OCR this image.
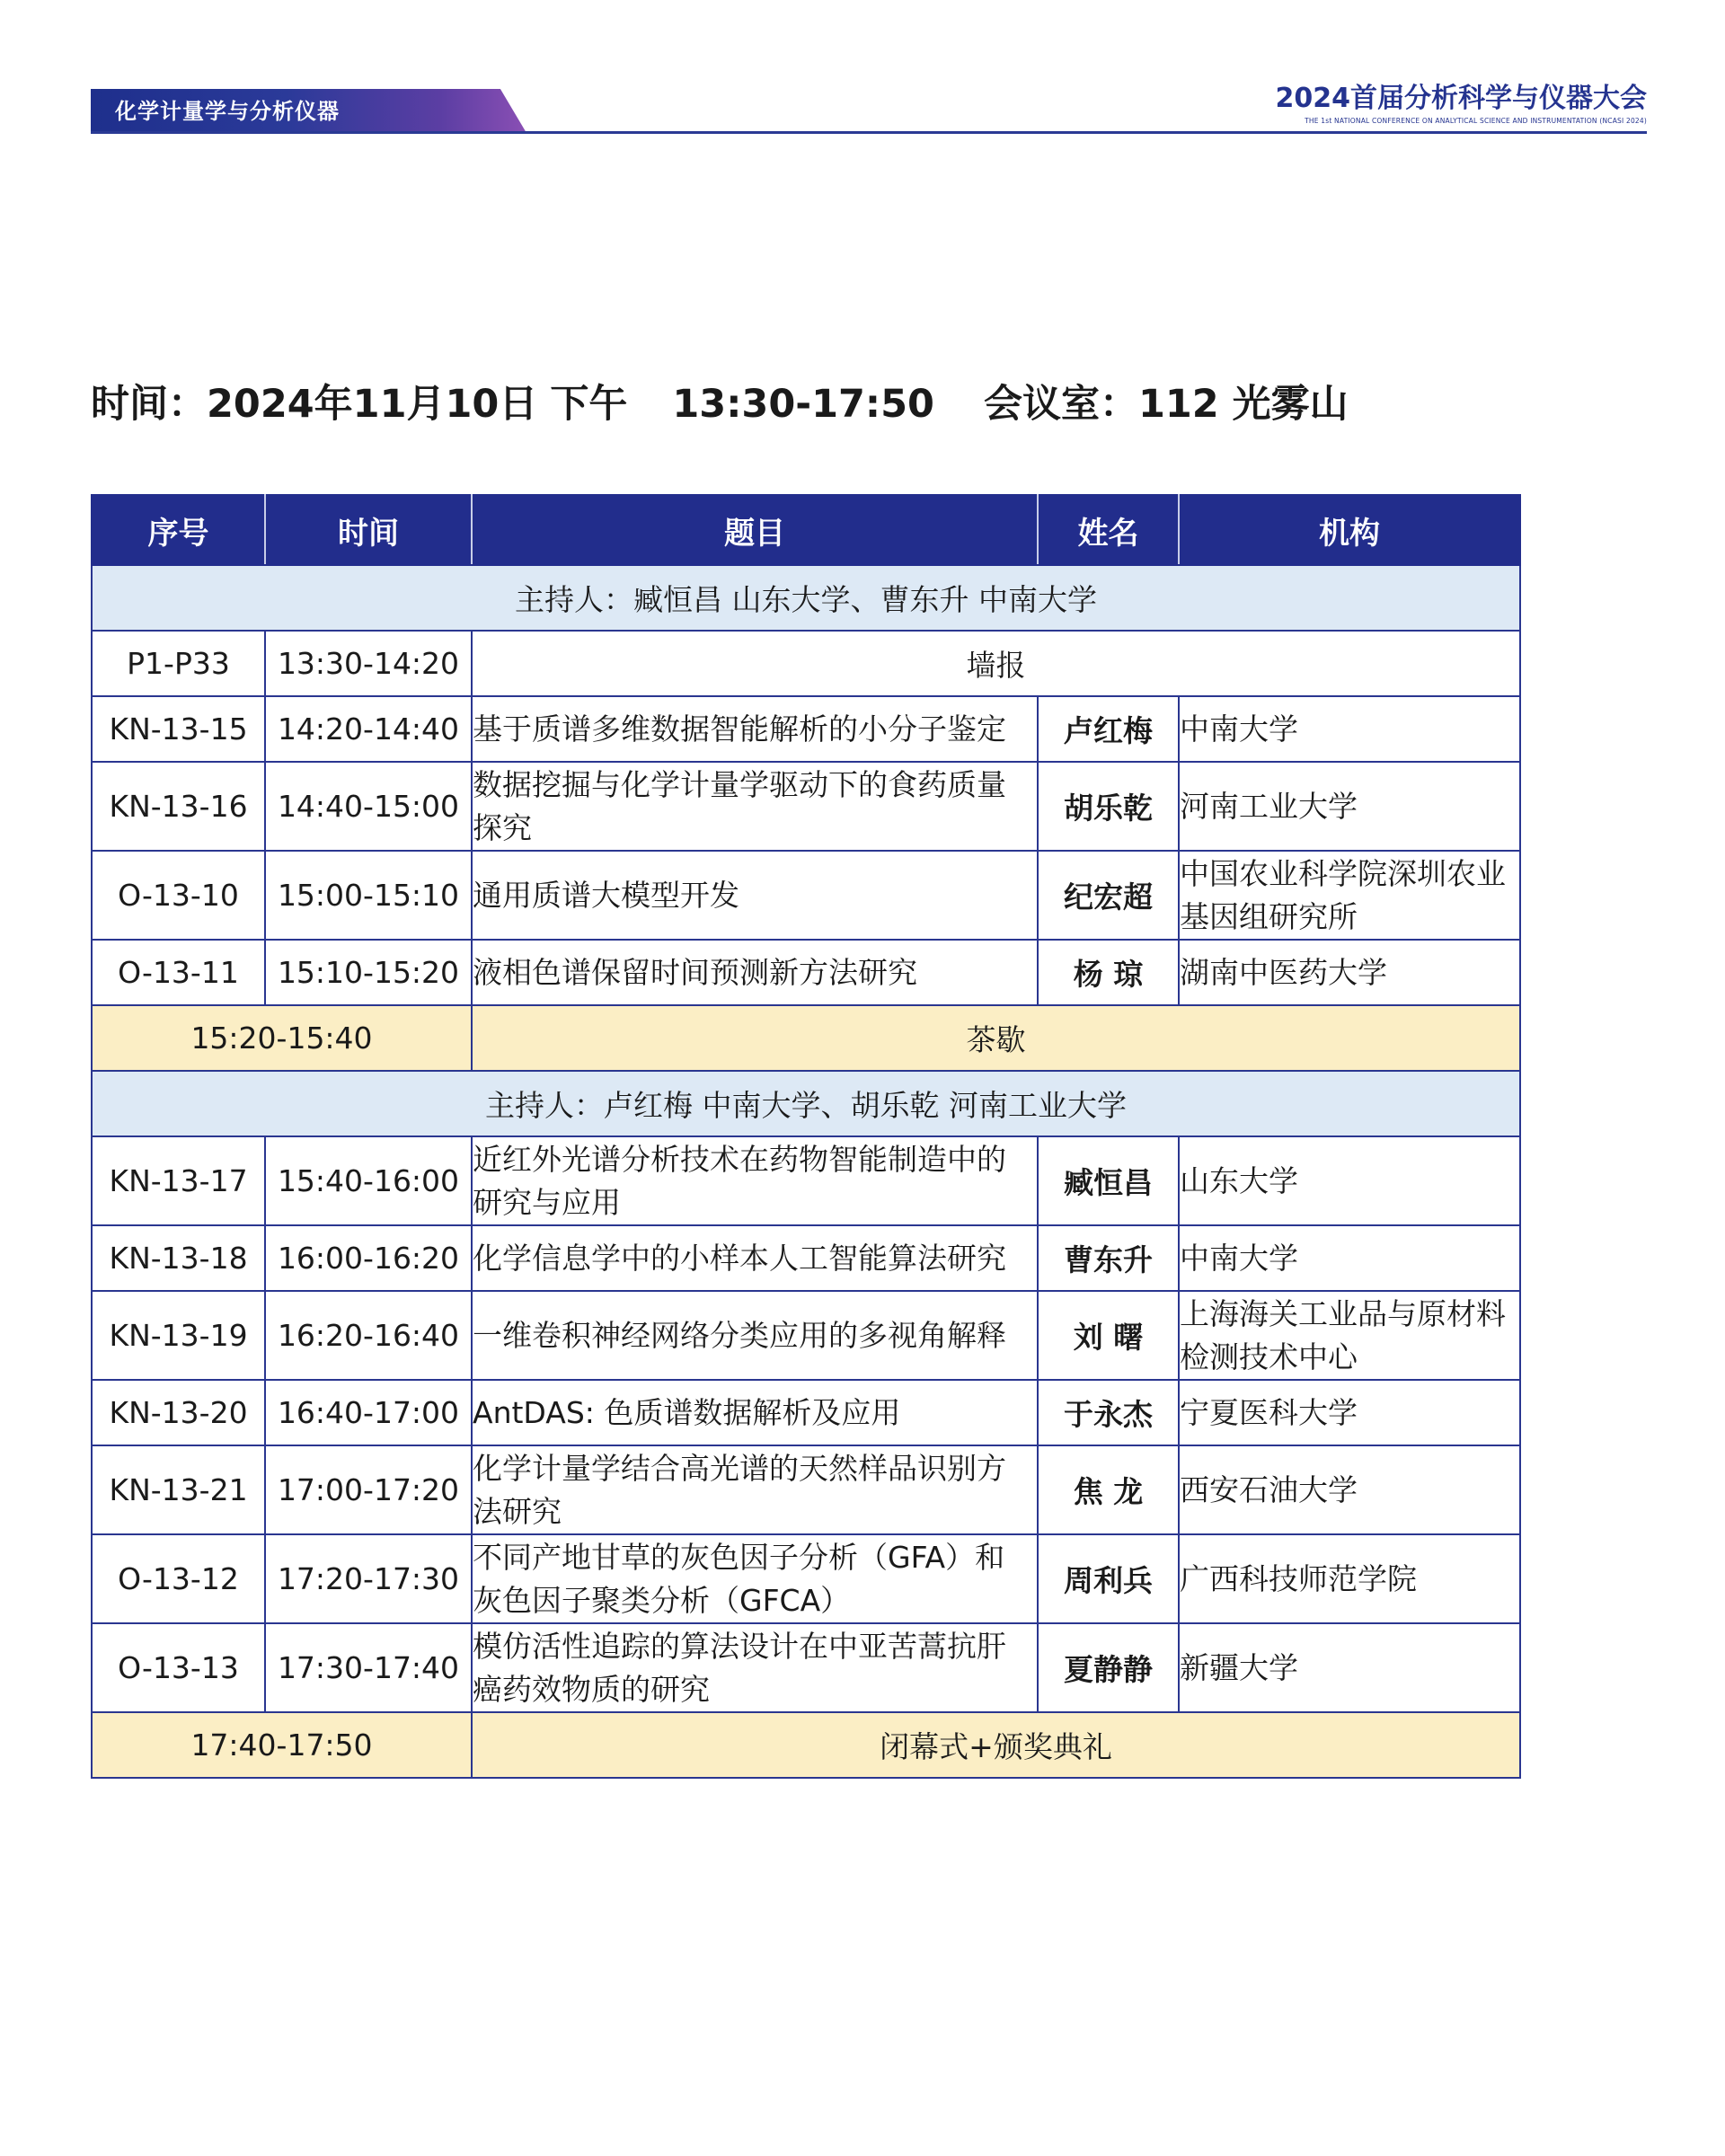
化学计量学与分析仪器	2024首届分析科学与仪器大会
THE 1st NATIONAL CONFERENCE ON ANALYTICAL SCIENCE AND INSTRUMENTATION (NCASI 2024)
时间：2024年11月10日 下午 13:30-17:50 会议室：112 光雾山
序号	时间	题目	姓名	机构
主持人：臧恒昌 山东大学、曹东升 中南大学				
P1-P33	13:30-14:20	墙报		
KN-13-15	14:20-14:40	基于质谱多维数据智能解析的小分子鉴定	卢红梅	中南大学
KN-13-16	14:40-15:00	数据挖掘与化学计量学驱动下的食药质量探究	胡乐乾	河南工业大学
O-13-10	15:00-15:10	通用质谱大模型开发	纪宏超	中国农业科学院深圳农业基因组研究所

O-13-11	15:10-15:20	液相色谱保留时间预测新方法研究	杨 琼	湖南中医药大学
15:20-15:40		茶歇		
主持人：卢红梅 中南大学、胡乐乾 河南工业大学				
KN-13-17	15:40-16:00	近红外光谱分析技术在药物智能制造中的研究与应用	臧恒昌	山东大学
KN-13-18	16:00-16:20	化学信息学中的小样本人工智能算法研究	曹东升	中南大学
KN-13-19	16:20-16:40	一维卷积神经网络分类应用的多视角解释	刘 曙	上海海关工业品与原材料检测技术中心

KN-13-20	16:40-17:00	AntDAS: 色质谱数据解析及应用	于永杰	宁夏医科大学
KN-13-21	17:00-17:20	化学计量学结合高光谱的天然样品识别方法研究	焦 龙	西安石油大学
O-13-12	17:20-17:30	不同产地甘草的灰色因子分析（GFA）和灰色因子聚类分析（GFCA）	周利兵	广西科技师范学院
O-13-13	17:30-17:40	模仿活性追踪的算法设计在中亚苦蒿抗肝癌药效物质的研究	夏静静	新疆大学
17:40-17:50		闭幕式+颁奖典礼		
